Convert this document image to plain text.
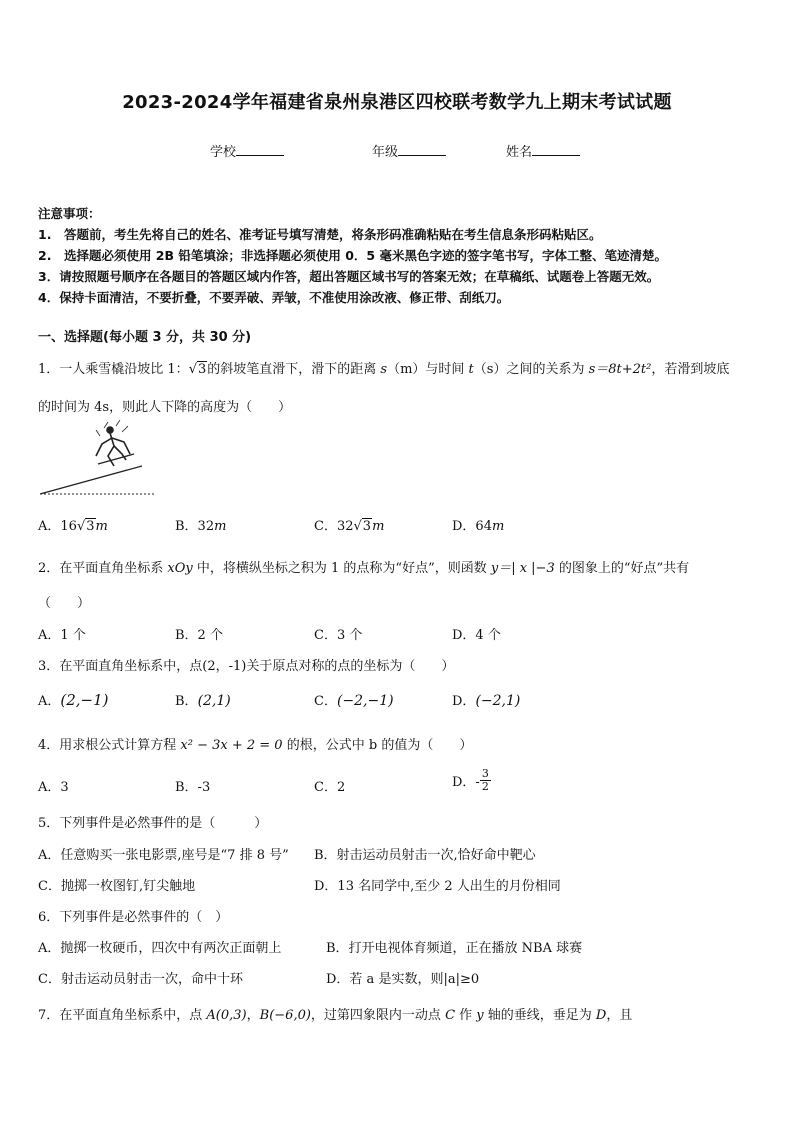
2023-2024学年福建省泉州泉港区四校联考数学九上期末考试试题
学校	年级	姓名
注意事项：
1.　答题前，考生先将自己的姓名、准考证号填写清楚，将条形码准确粘贴在考生信息条形码粘贴区。
2.　选择题必须使用 2B 铅笔填涂；非选择题必须使用 0．5 毫米黑色字迹的签字笔书写，字体工整、笔迹清楚。
3．请按照题号顺序在各题目的答题区域内作答，超出答题区域书写的答案无效；在草稿纸、试题卷上答题无效。
4．保持卡面清洁，不要折叠，不要弄破、弄皱，不准使用涂改液、修正带、刮纸刀。
一、选择题(每小题 3 分，共 30 分)
1．一人乘雪橇沿坡比 1：√3的斜坡笔直滑下，滑下的距离 s（m）与时间 t（s）之间的关系为 s＝8t+2t²，若滑到坡底
的时间为 4s，则此人下降的高度为（　　）
A．16√3m	B．32m	C．32√3m	D．64m
2．在平面直角坐标系 xOy 中，将横纵坐标之积为 1 的点称为“好点”，则函数 y＝| x |−3 的图象上的“好点”共有
（　　）
A．1 个	B．2 个	C．3 个	D．4 个
3．在平面直角坐标系中，点(2，-1)关于原点对称的点的坐标为（　　）
A．(2,−1)	B．(2,1)	C．(−2,−1)	D．(−2,1)
4．用求根公式计算方程 x² − 3x + 2 = 0 的根，公式中 b 的值为（　　）
A．3	B．-3	C．2	D．- $\frac{3}{2}$
5．下列事件是必然事件的是（　　　）
A．任意购买一张电影票,座号是“7 排 8 号” B．射击运动员射击一次,恰好命中靶心
C．抛掷一枚图钉,钉尖触地	D．13 名同学中,至少 2 人出生的月份相同
6．下列事件是必然事件的（　）
A．抛掷一枚硬币，四次中有两次正面朝上	B．打开电视体育频道，正在播放 NBA 球赛
C．射击运动员射击一次，命中十环	D．若 a 是实数，则|a|≥0
7．在平面直角坐标系中，点 A(0,3)，B(−6,0)，过第四象限内一动点 C 作 y 轴的垂线，垂足为 D，且
